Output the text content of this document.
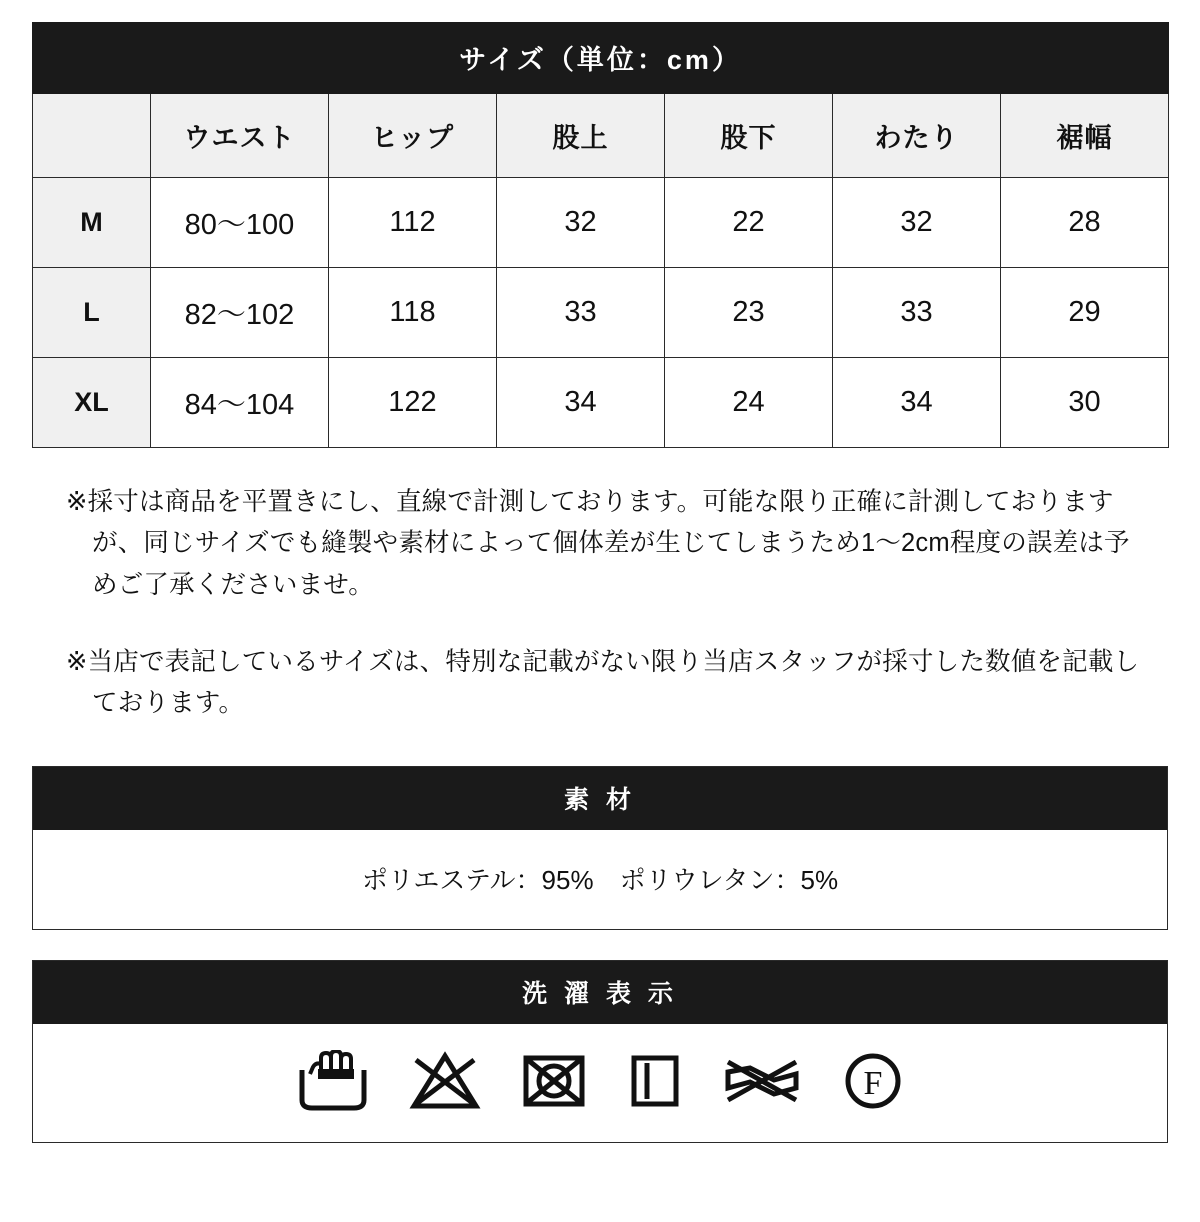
サイズ（単位：cm）						
	ウエスト	ヒップ	股上	股下	わたり	裾幅
M	80〜100	112	32	22	32	28
L	82〜102	118	33	23	33	29
XL	84〜104	122	34	24	34	30

※採寸は商品を平置きにし、直線で計測しております。可能な限り正確に計測しておりますが、同じサイズでも縫製や素材によって個体差が生じてしまうため1〜2cm程度の誤差は予めご了承くださいませ。

※当店で表記しているサイズは、特別な記載がない限り当店スタッフが採寸した数値を記載しております。

素 材
ポリエステル：95%　ポリウレタン：5%
洗 濯 表 示
F
